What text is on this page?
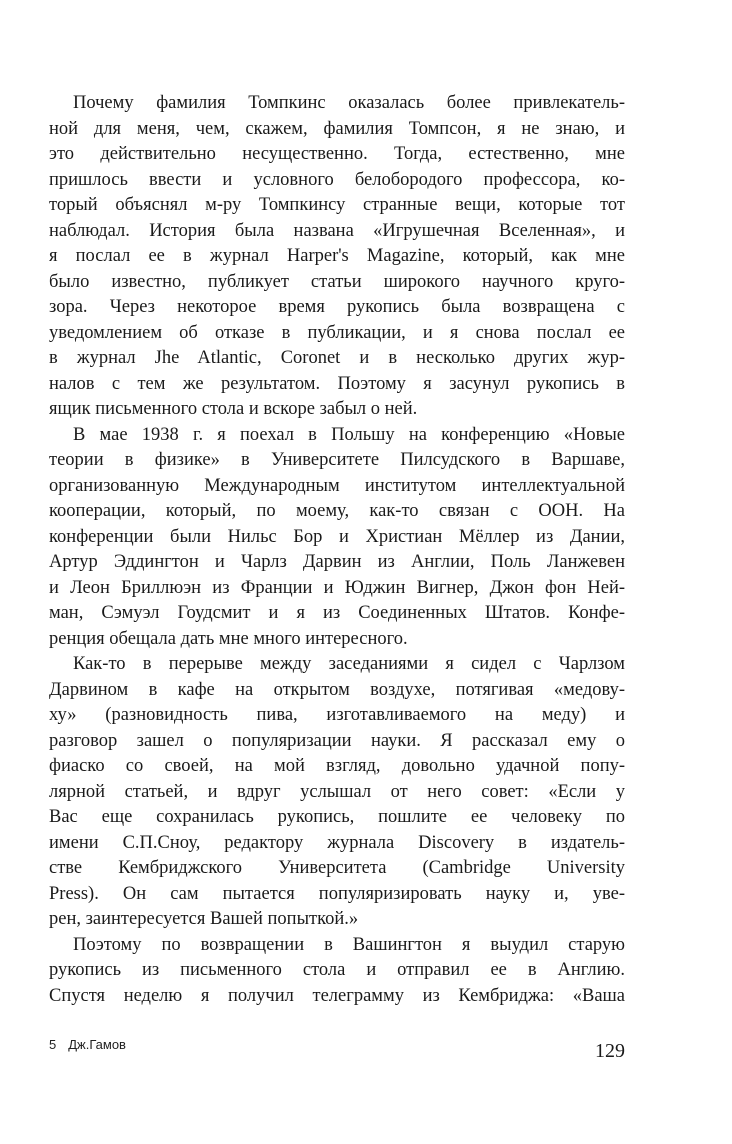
Почему фамилия Томпкинс оказалась более привлекатель-
ной для меня, чем, скажем, фамилия Томпсон, я не знаю, и
это действительно несущественно. Тогда, естественно, мне
пришлось ввести и условного белобородого профессора, ко-
торый объяснял м-ру Томпкинсу странные вещи, которые тот
наблюдал. История была названа «Игрушечная Вселенная», и
я послал ее в журнал Harper's Magazine, который, как мне
было известно, публикует статьи широкого научного круго-
зора. Через некоторое время рукопись была возвращена с
уведомлением об отказе в публикации, и я снова послал ее
в журнал Jhe Atlantic, Coronet и в несколько других жур-
налов с тем же результатом. Поэтому я засунул рукопись в
ящик письменного стола и вскоре забыл о ней.
В мае 1938 г. я поехал в Польшу на конференцию «Новые
теории в физике» в Университете Пилсудского в Варшаве,
организованную Международным институтом интеллектуальной
кооперации, который, по моему, как-то связан с ООН. На
конференции были Нильс Бор и Христиан Мёллер из Дании,
Артур Эддингтон и Чарлз Дарвин из Англии, Поль Ланжевен
и Леон Бриллюэн из Франции и Юджин Вигнер, Джон фон Ней-
ман, Сэмуэл Гоудсмит и я из Соединенных Штатов. Конфе-
ренция обещала дать мне много интересного.
Как-то в перерыве между заседаниями я сидел с Чарлзом
Дарвином в кафе на открытом воздухе, потягивая «медову-
ху» (разновидность пива, изготавливаемого на меду) и
разговор зашел о популяризации науки. Я рассказал ему о
фиаско со своей, на мой взгляд, довольно удачной попу-
лярной статьей, и вдруг услышал от него совет: «Если у
Вас еще сохранилась рукопись, пошлите ее человеку по
имени С.П.Сноу, редактору журнала Discovery в издатель-
стве Кембриджского Университета (Cambridge University
Press). Он сам пытается популяризировать науку и, уве-
рен, заинтересуется Вашей попыткой.»
Поэтому по возвращении в Вашингтон я выудил старую
рукопись из письменного стола и отправил ее в Англию.
Спустя неделю я получил телеграмму из Кембриджа: «Ваша
5 Дж.Гамов	129
